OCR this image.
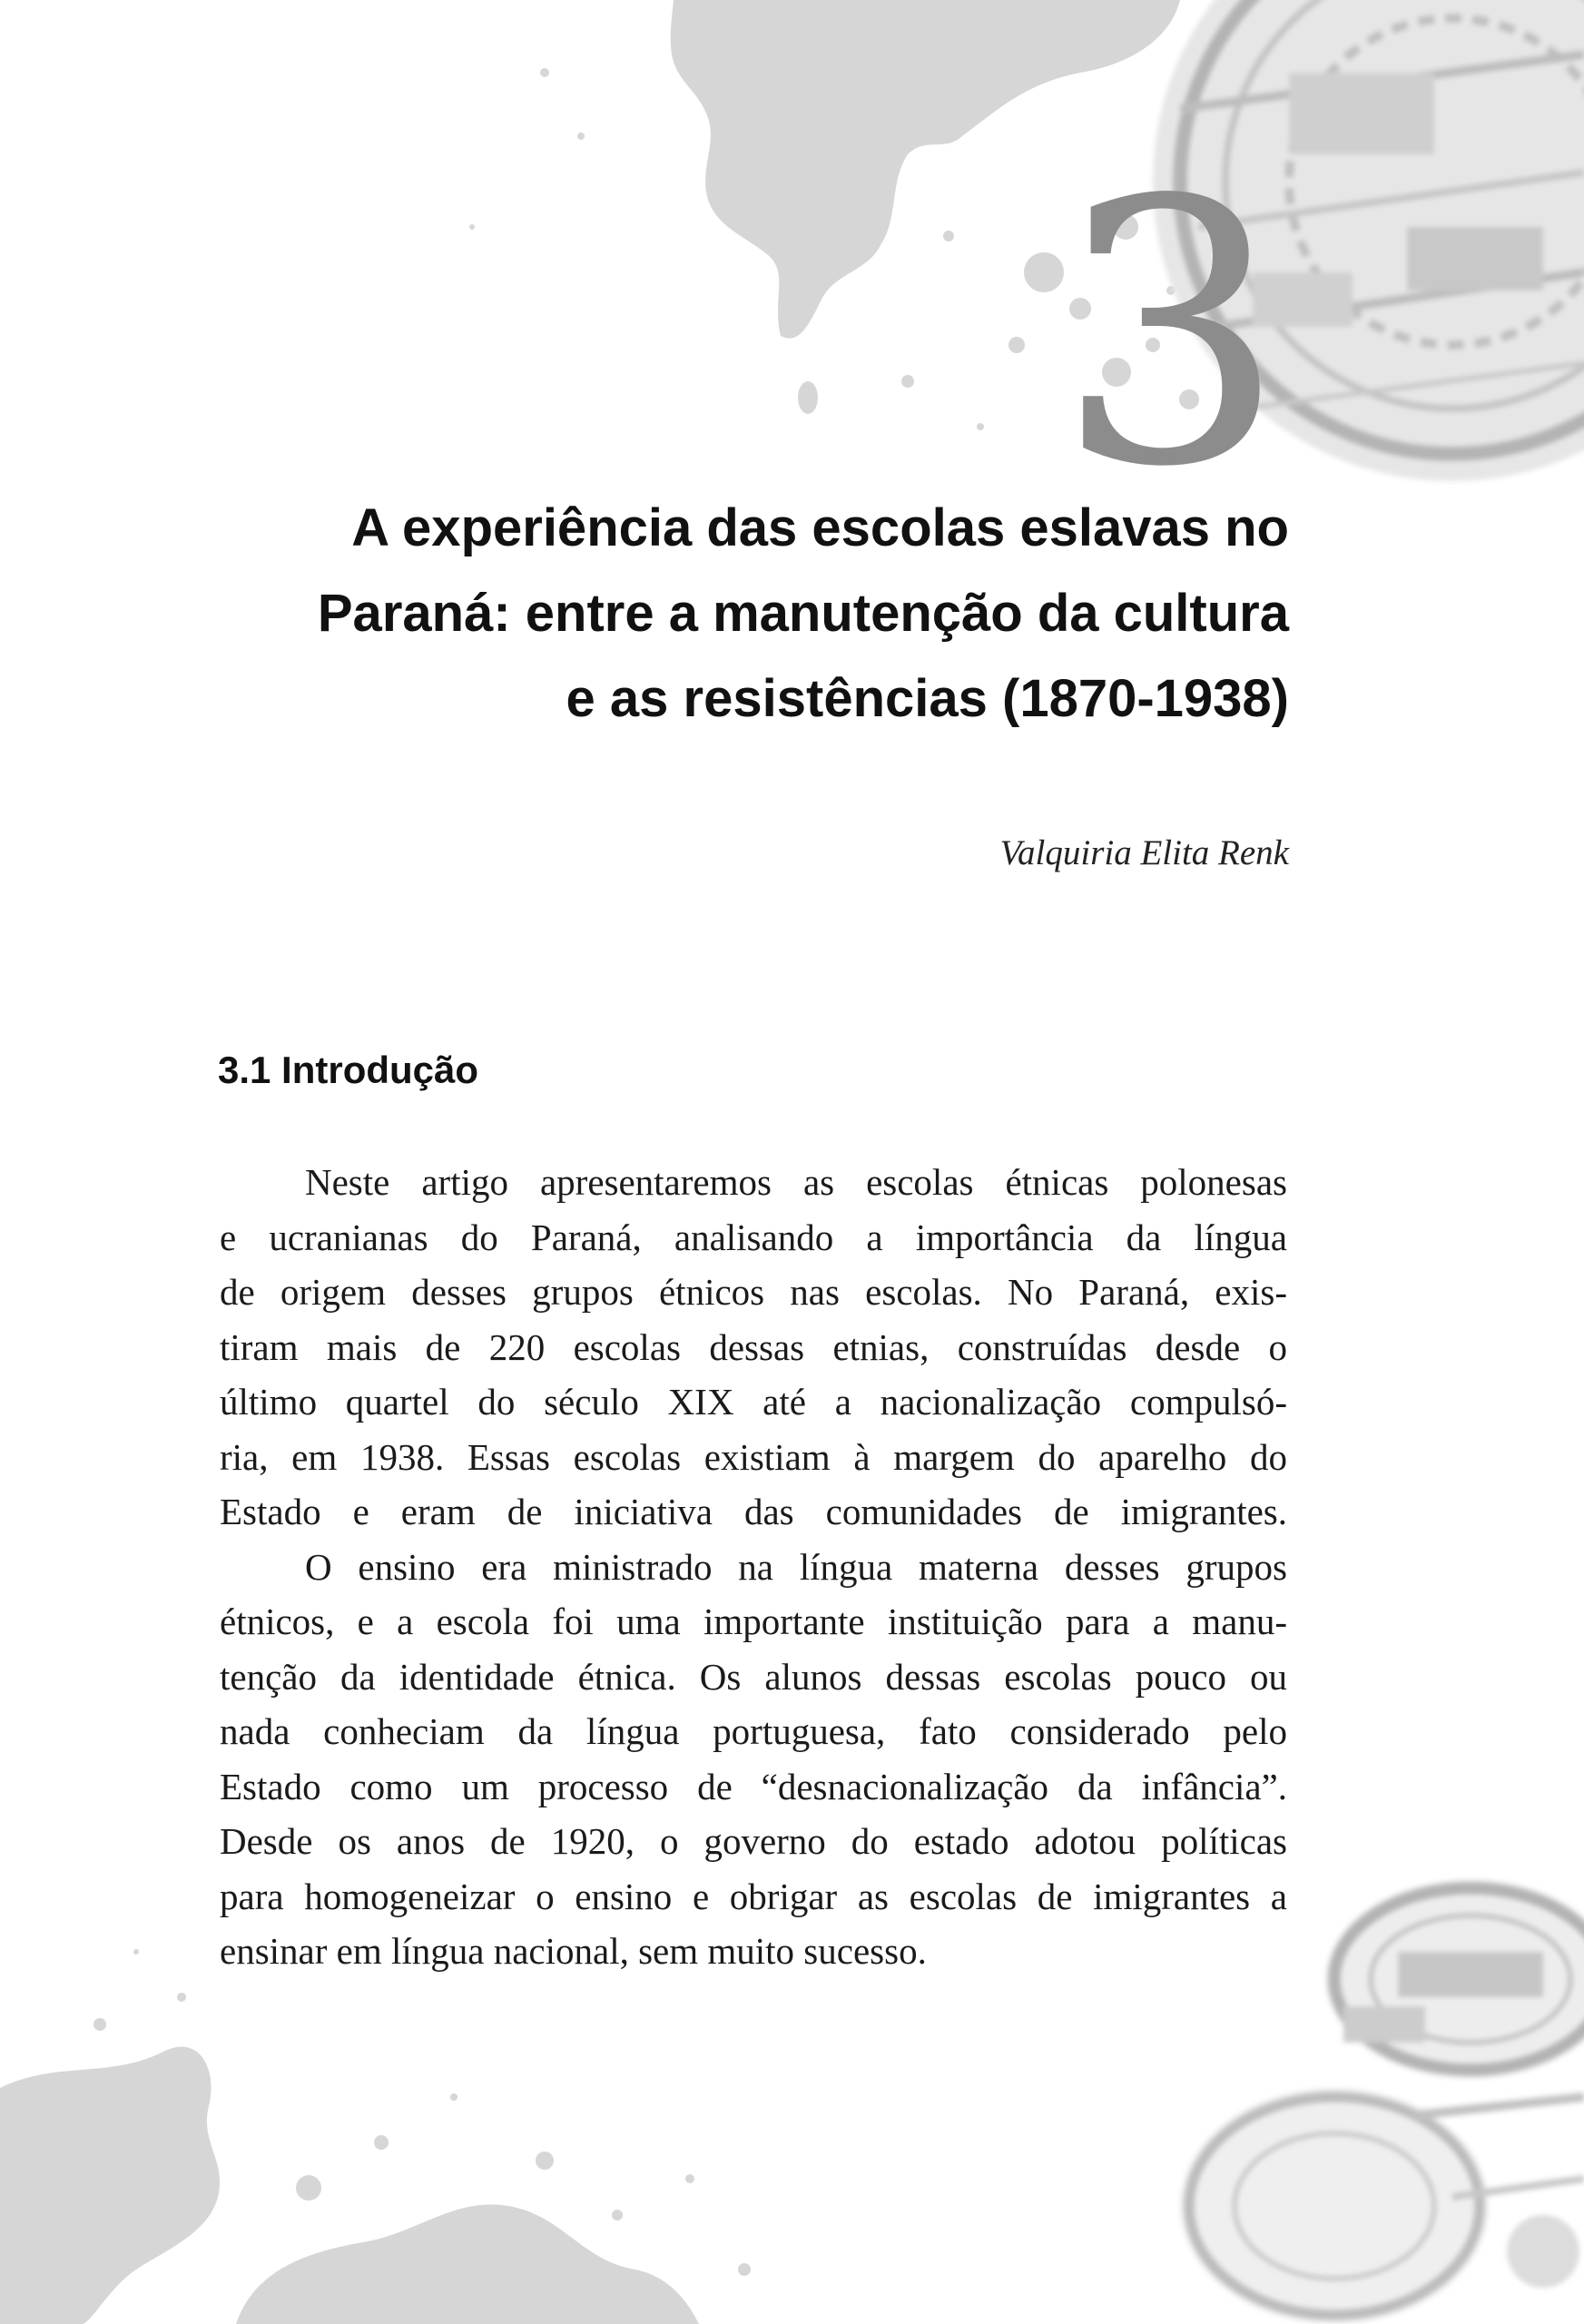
3
A experiência das escolas eslavas no
Paraná: entre a manutenção da cultura
e as resistências (1870-1938)

Valquiria Elita Renk

3.1 Introdução

Neste artigo apresentaremos as escolas étnicas polonesas
e ucranianas do Paraná, analisando a importância da língua
de origem desses grupos étnicos nas escolas. No Paraná, exis-
tiram mais de 220 escolas dessas etnias, construídas desde o
último quartel do século XIX até a nacionalização compulsó-
ria, em 1938. Essas escolas existiam à margem do aparelho do
Estado e eram de iniciativa das comunidades de imigrantes.

O ensino era ministrado na língua materna desses grupos
étnicos, e a escola foi uma importante instituição para a manu-
tenção da identidade étnica. Os alunos dessas escolas pouco ou
nada conheciam da língua portuguesa, fato considerado pelo
Estado como um processo de “desnacionalização da infância”.
Desde os anos de 1920, o governo do estado adotou políticas
para homogeneizar o ensino e obrigar as escolas de imigrantes a
ensinar em língua nacional, sem muito sucesso.
